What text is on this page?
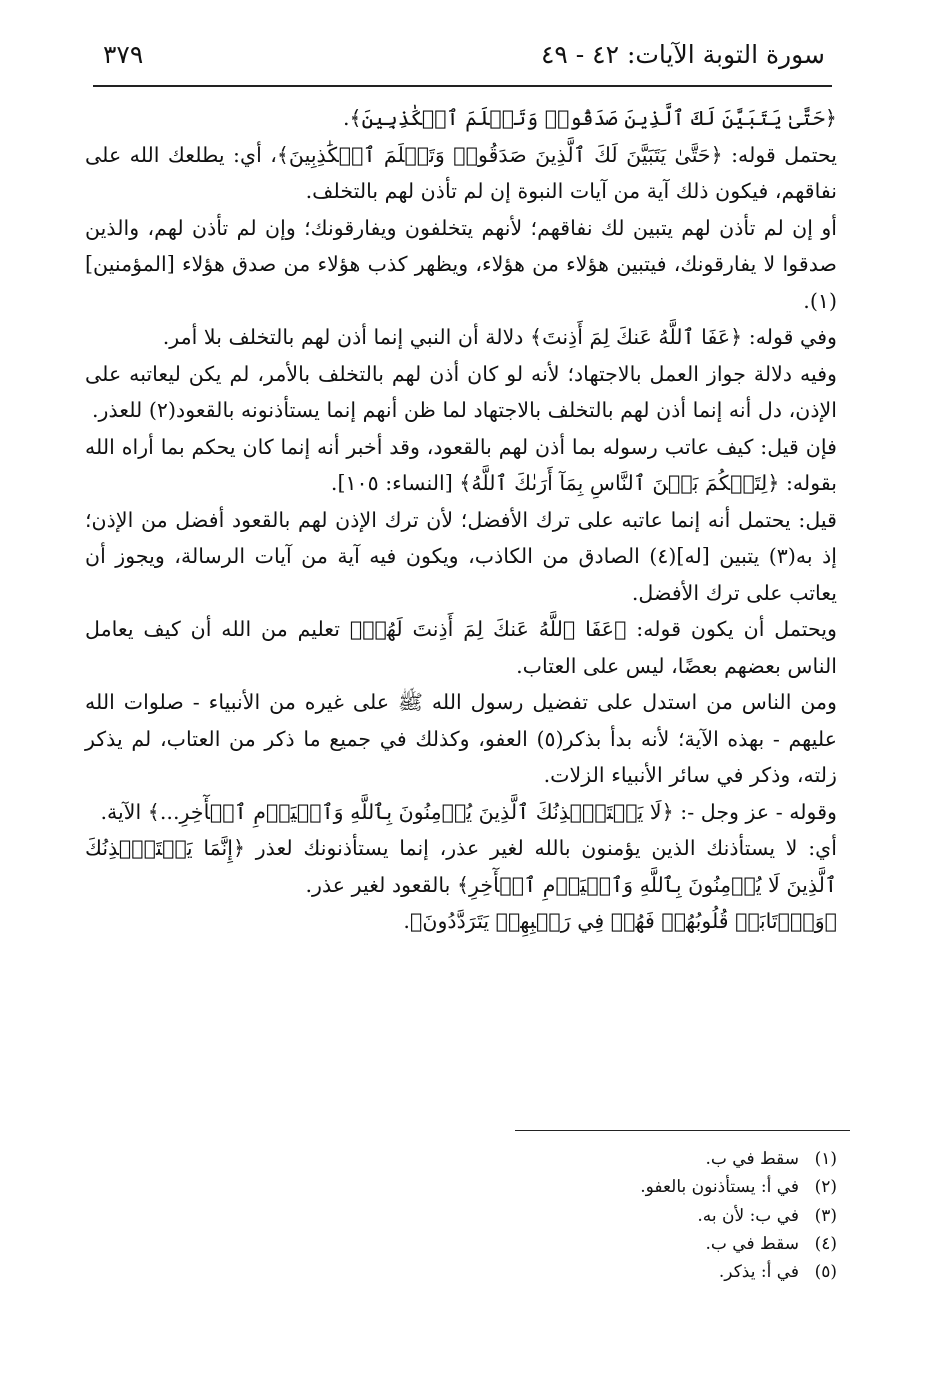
سورة التوبة الآيات: ٤٢ - ٤٩
٣٧٩

﴿حَتَّىٰ يَتَبَيَّنَ لَكَ ٱلَّذِينَ صَدَقُوا۟ وَتَعۡلَمَ ٱلۡكَٰذِبِينَ﴾.

يحتمل قوله: ﴿حَتَّىٰ يَتَبَيَّنَ لَكَ ٱلَّذِينَ صَدَقُوا۟ وَتَعۡلَمَ ٱلۡكَٰذِبِينَ﴾، أي: يطلعك الله على نفاقهم، فيكون ذلك آية من آيات النبوة إن لم تأذن لهم بالتخلف.

أو إن لم تأذن لهم يتبين لك نفاقهم؛ لأنهم يتخلفون ويفارقونك؛ وإن لم تأذن لهم، والذين صدقوا لا يفارقونك، فيتبين هؤلاء من هؤلاء، ويظهر كذب هؤلاء من صدق هؤلاء [المؤمنين](١).

وفي قوله: ﴿عَفَا ٱللَّهُ عَنكَ لِمَ أَذِنتَ﴾ دلالة أن النبي إنما أذن لهم بالتخلف بلا أمر.

وفيه دلالة جواز العمل بالاجتهاد؛ لأنه لو كان أذن لهم بالتخلف بالأمر، لم يكن ليعاتبه على الإذن، دل أنه إنما أذن لهم بالتخلف بالاجتهاد لما ظن أنهم إنما يستأذنونه بالقعود(٢) للعذر.

فإن قيل: كيف عاتب رسوله بما أذن لهم بالقعود، وقد أخبر أنه إنما كان يحكم بما أراه الله بقوله: ﴿لِتَحۡكُمَ بَيۡنَ ٱلنَّاسِ بِمَآ أَرَىٰكَ ٱللَّهُ﴾ [النساء: ١٠٥].

قيل: يحتمل أنه إنما عاتبه على ترك الأفضل؛ لأن ترك الإذن لهم بالقعود أفضل من الإذن؛ إذ به(٣) يتبين [له](٤) الصادق من الكاذب، ويكون فيه آية من آيات الرسالة، ويجوز أن يعاتب على ترك الأفضل.

ويحتمل أن يكون قوله: ﴿عَفَا ٱللَّهُ عَنكَ لِمَ أَذِنتَ لَهُمۡ﴾ تعليم من الله أن كيف يعامل الناس بعضهم بعضًا، ليس على العتاب.

ومن الناس من استدل على تفضيل رسول الله ﷺ على غيره من الأنبياء - صلوات الله عليهم - بهذه الآية؛ لأنه بدأ بذكر(٥) العفو، وكذلك في جميع ما ذكر من العتاب، لم يذكر زلته، وذكر في سائر الأنبياء الزلات.

وقوله - عز وجل -: ﴿لَا يَسۡتَـٔۡذِنُكَ ٱلَّذِينَ يُؤۡمِنُونَ بِٱللَّهِ وَٱلۡيَوۡمِ ٱلۡأٓخِرِ...﴾ الآية.

أي: لا يستأذنك الذين يؤمنون بالله لغير عذر، إنما يستأذنونك لعذر ﴿إِنَّمَا يَسۡتَـٔۡذِنُكَ ٱلَّذِينَ لَا يُؤۡمِنُونَ بِٱللَّهِ وَٱلۡيَوۡمِ ٱلۡأٓخِرِ﴾ بالقعود لغير عذر.

﴿وَٱرۡتَابَتۡ قُلُوبُهُمۡ فَهُمۡ فِي رَيۡبِهِمۡ يَتَرَدَّدُونَ﴾.

(١)
سقط في ب.
(٢)
في أ: يستأذنون بالعفو.
(٣)
في ب: لأن به.
(٤)
سقط في ب.
(٥)
في أ: يذكر.
